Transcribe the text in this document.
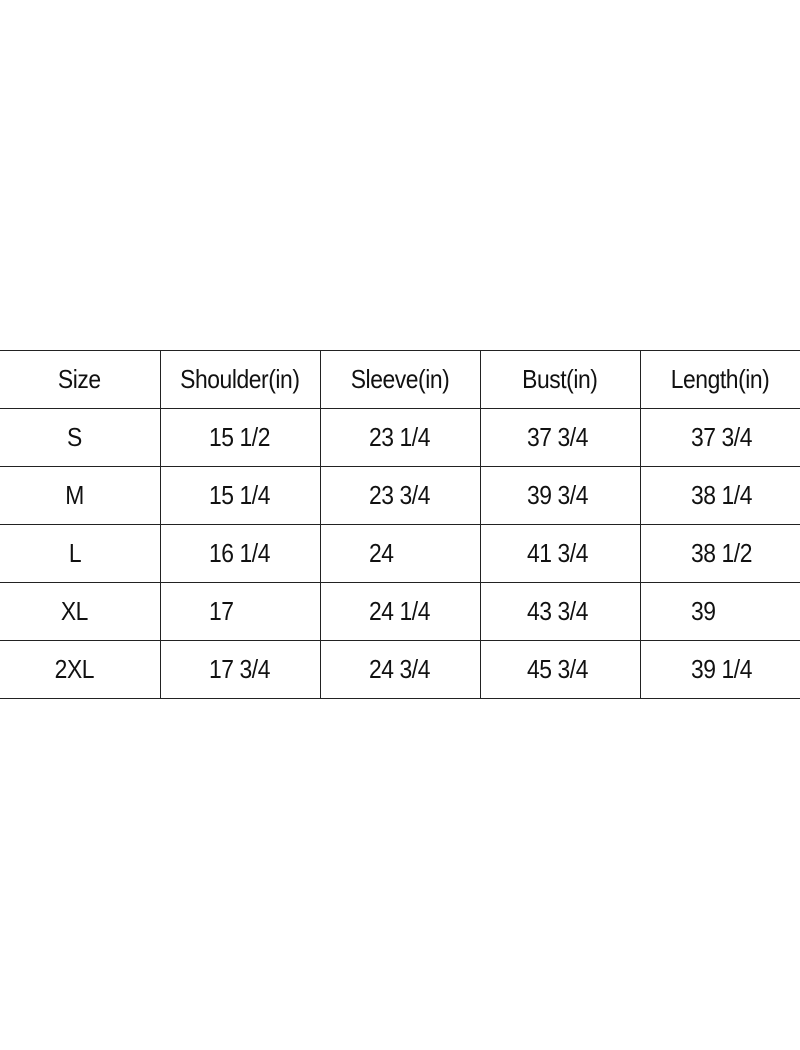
Size	Shoulder(in)	Sleeve(in)	Bust(in)	Length(in)
S	15 1/2	23 1/4	37 3/4	37 3/4
M	15 1/4	23 3/4	39 3/4	38 1/4
L	16 1/4	24	41 3/4	38 1/2
XL	17	24 1/4	43 3/4	39
2XL	17 3/4	24 3/4	45 3/4	39 1/4
